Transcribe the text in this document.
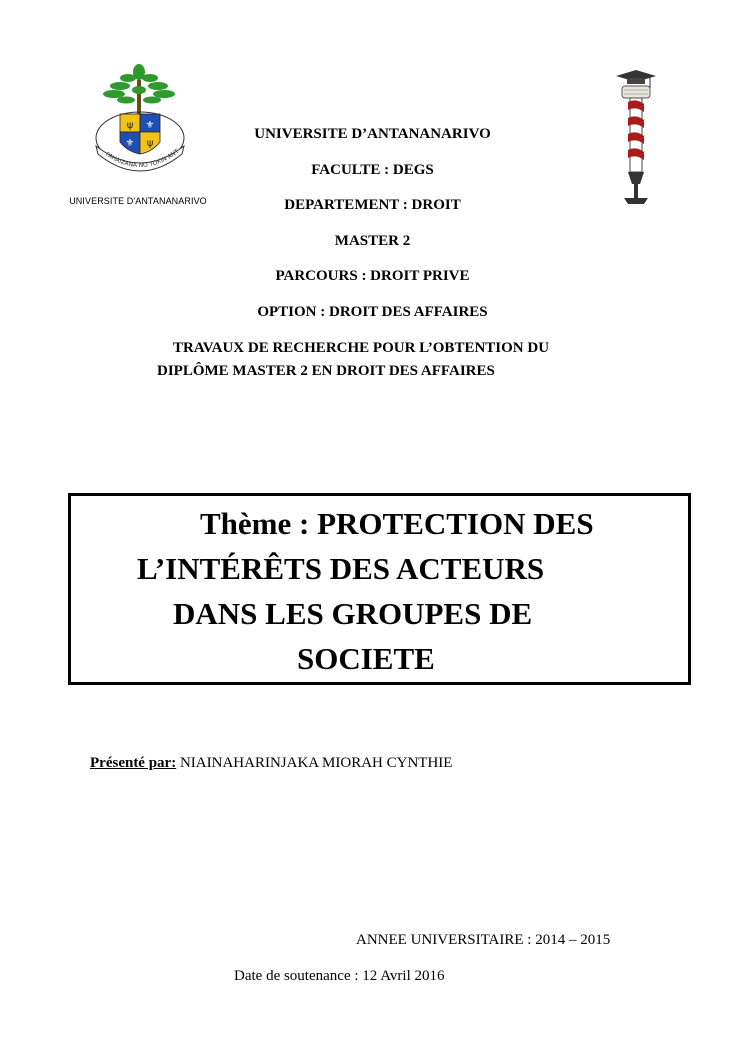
ψ ⚜
⚜ ψ
FAHAIZANA NO TOKIN ANT
UNIVERSITE D'ANTANANARIVO
UNIVERSITE D’ANTANANARIVO
FACULTE : DEGS
DEPARTEMENT : DROIT
MASTER 2
PARCOURS : DROIT PRIVE
OPTION : DROIT DES AFFAIRES
TRAVAUX DE RECHERCHE POUR L’OBTENTION DU
DIPLÔME MASTER 2 EN DROIT DES AFFAIRES
Thème : PROTECTION DES
L’INTÉRÊTS DES ACTEURS
DANS LES GROUPES DE
SOCIETE
Présenté par: NIAINAHARINJAKA MIORAH CYNTHIE
ANNEE UNIVERSITAIRE : 2014 – 2015
Date de soutenance : 12 Avril 2016
